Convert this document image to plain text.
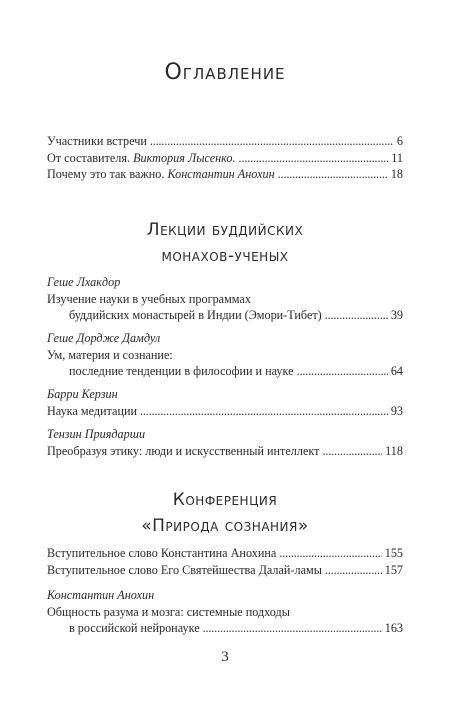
Оглавление
Участники встречи . . .	6
От составителя. Виктория Лысенко. . . .	11
Почему это так важно. Константин Анохин . . .	18
Лекции буддийских
монахов-ученых
Геше Лхакдор
Изучение науки в учебных программах
буддийских монастырей в Индии (Эмори-Тибет) . . .	39
Геше Дордже Дамдул
Ум, материя и сознание:
последние тенденции в философии и науке . . .	64
Барри Керзин
Наука медитации . . .	93
Тензин Приядарши
Преобразуя этику: люди и искусственный интеллект . . .	118
Конференция
«Природа сознания»
Вступительное слово Константина Анохина . . .	155
Вступительное слово Его Святейшества Далай-ламы . . .	157
Константин Анохин
Общность разума и мозга: системные подходы
в российской нейронауке . . .	163
3
